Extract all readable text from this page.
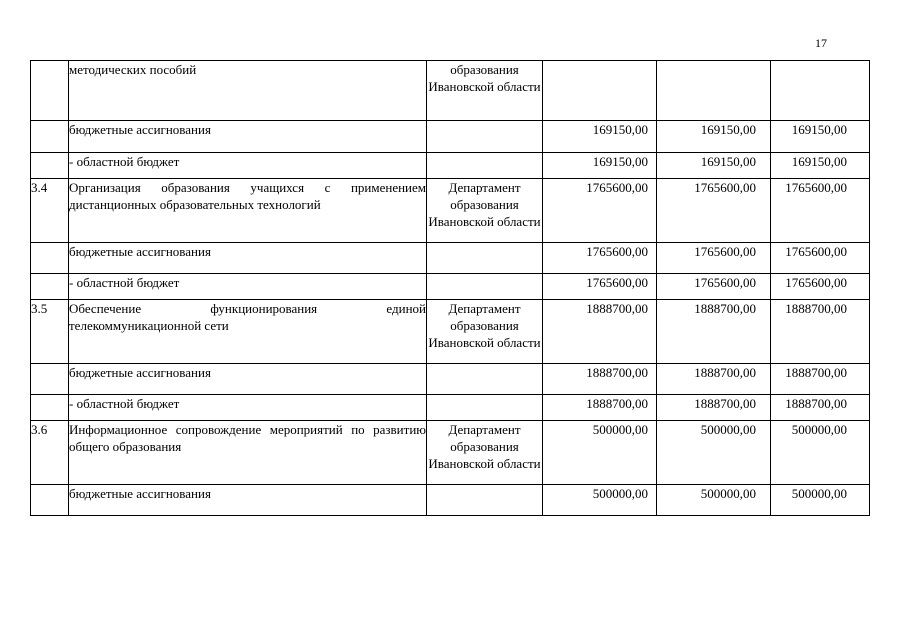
17
	методических пособий	образования Ивановской области			
	бюджетные ассигнования		169150,00	169150,00	169150,00
	- областной бюджет		169150,00	169150,00	169150,00
3.4	Организация образования учащихся с применением дистанционных образовательных технологий	Департамент образования Ивановской области	1765600,00	1765600,00	1765600,00
	бюджетные ассигнования		1765600,00	1765600,00	1765600,00
	- областной бюджет		1765600,00	1765600,00	1765600,00
3.5	Обеспечение функционирования единой телекоммуникационной сети	Департамент образования Ивановской области	1888700,00	1888700,00	1888700,00
	бюджетные ассигнования		1888700,00	1888700,00	1888700,00
	- областной бюджет		1888700,00	1888700,00	1888700,00
3.6	Информационное сопровождение мероприятий по развитию общего образования	Департамент образования Ивановской области	500000,00	500000,00	500000,00
	бюджетные ассигнования		500000,00	500000,00	500000,00
